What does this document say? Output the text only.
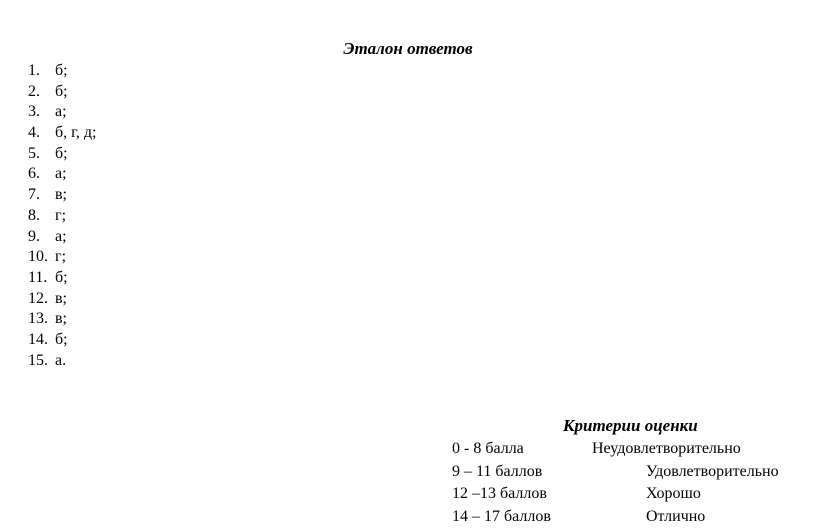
Эталон ответов
1. б;
2. б;
3. а;
4. б, г, д;
5. б;
6. а;
7. в;
8. г;
9. а;
10. г;
11. б;
12. в;
13. в;
14. б;
15. а.
Критерии оценки
0 - 8 балла	Неудовлетворительно
9 – 11 баллов	Удовлетворительно
12 –13 баллов	Хорошо
14 – 17 баллов	Отлично
